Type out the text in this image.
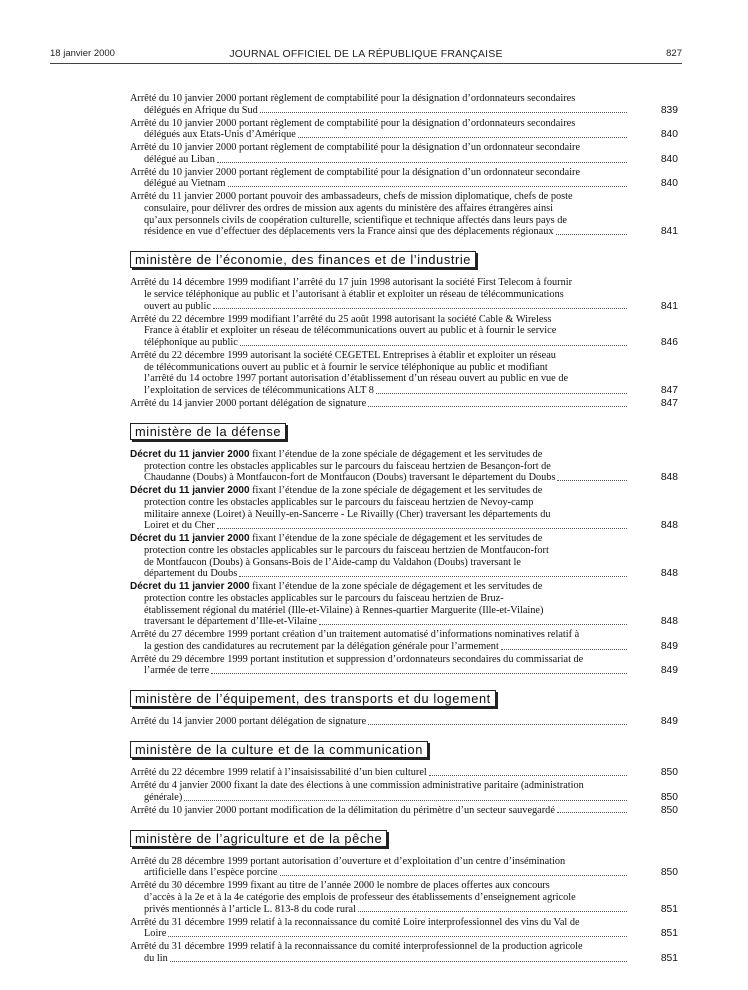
18 janvier 2000	JOURNAL OFFICIEL DE LA RÉPUBLIQUE FRANÇAISE	827
Arrêté du 10 janvier 2000 portant règlement de comptabilité pour la désignation d’ordonnateurs secondaires
délégués en Afrique du Sud	839
Arrêté du 10 janvier 2000 portant règlement de comptabilité pour la désignation d’ordonnateurs secondaires
délégués aux Etats-Unis d’Amérique	840
Arrêté du 10 janvier 2000 portant règlement de comptabilité pour la désignation d’un ordonnateur secondaire
délégué au Liban	840
Arrêté du 10 janvier 2000 portant règlement de comptabilité pour la désignation d’un ordonnateur secondaire
délégué au Vietnam	840
Arrêté du 11 janvier 2000 portant pouvoir des ambassadeurs, chefs de mission diplomatique, chefs de poste
consulaire, pour délivrer des ordres de mission aux agents du ministère des affaires étrangères ainsi
qu’aux personnels civils de coopération culturelle, scientifique et technique affectés dans leurs pays de
résidence en vue d’effectuer des déplacements vers la France ainsi que des déplacements régionaux	841
ministère de l’économie, des finances et de l’industrie
Arrêté du 14 décembre 1999 modifiant l’arrêté du 17 juin 1998 autorisant la société First Telecom à fournir
le service téléphonique au public et l’autorisant à établir et exploiter un réseau de télécommunications
ouvert au public	841
Arrêté du 22 décembre 1999 modifiant l’arrêté du 25 août 1998 autorisant la société Cable & Wireless
France à établir et exploiter un réseau de télécommunications ouvert au public et à fournir le service
téléphonique au public	846
Arrêté du 22 décembre 1999 autorisant la société CEGETEL Entreprises à établir et exploiter un réseau
de télécommunications ouvert au public et à fournir le service téléphonique au public et modifiant
l’arrêté du 14 octobre 1997 portant autorisation d’établissement d’un réseau ouvert au public en vue de
l’exploitation de services de télécommunications ALT 8	847
Arrêté du 14 janvier 2000 portant délégation de signature	847
ministère de la défense
Décret du 11 janvier 2000 fixant l’étendue de la zone spéciale de dégagement et les servitudes de
protection contre les obstacles applicables sur le parcours du faisceau hertzien de Besançon-fort de
Chaudanne (Doubs) à Montfaucon-fort de Montfaucon (Doubs) traversant le département du Doubs	848
Décret du 11 janvier 2000 fixant l’étendue de la zone spéciale de dégagement et les servitudes de
protection contre les obstacles applicables sur le parcours du faisceau hertzien de Nevoy-camp
militaire annexe (Loiret) à Neuilly-en-Sancerre - Le Rivailly (Cher) traversant les départements du
Loiret et du Cher	848
Décret du 11 janvier 2000 fixant l’étendue de la zone spéciale de dégagement et les servitudes de
protection contre les obstacles applicables sur le parcours du faisceau hertzien de Montfaucon-fort
de Montfaucon (Doubs) à Gonsans-Bois de l’Aide-camp du Valdahon (Doubs) traversant le
département du Doubs	848
Décret du 11 janvier 2000 fixant l’étendue de la zone spéciale de dégagement et les servitudes de
protection contre les obstacles applicables sur le parcours du faisceau hertzien de Bruz-
établissement régional du matériel (Ille-et-Vilaine) à Rennes-quartier Marguerite (Ille-et-Vilaine)
traversant le département d’Ille-et-Vilaine	848
Arrêté du 27 décembre 1999 portant création d’un traitement automatisé d’informations nominatives relatif à
la gestion des candidatures au recrutement par la délégation générale pour l’armement	849
Arrêté du 29 décembre 1999 portant institution et suppression d’ordonnateurs secondaires du commissariat de
l’armée de terre	849
ministère de l’équipement, des transports et du logement
Arrêté du 14 janvier 2000 portant délégation de signature	849
ministère de la culture et de la communication
Arrêté du 22 décembre 1999 relatif à l’insaisissabilité d’un bien culturel	850
Arrêté du 4 janvier 2000 fixant la date des élections à une commission administrative paritaire (administration
générale)	850
Arrêté du 10 janvier 2000 portant modification de la délimitation du périmètre d’un secteur sauvegardé	850
ministère de l’agriculture et de la pêche
Arrêté du 28 décembre 1999 portant autorisation d’ouverture et d’exploitation d’un centre d’insémination
artificielle dans l’espèce porcine	850
Arrêté du 30 décembre 1999 fixant au titre de l’année 2000 le nombre de places offertes aux concours
d’accès à la 2e et à la 4e catégorie des emplois de professeur des établissements d’enseignement agricole
privés mentionnés à l’article L. 813-8 du code rural	851
Arrêté du 31 décembre 1999 relatif à la reconnaissance du comité Loire interprofessionnel des vins du Val de
Loire	851
Arrêté du 31 décembre 1999 relatif à la reconnaissance du comité interprofessionnel de la production agricole
du lin	851
